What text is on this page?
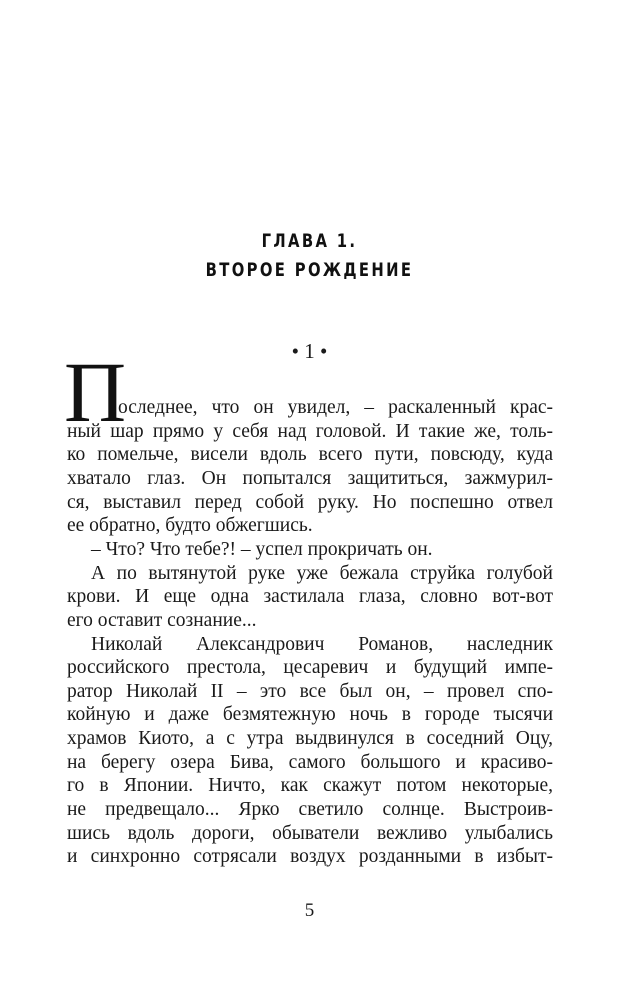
ГЛАВА 1.
ВТОРОЕ РОЖДЕНИЕ
• 1 •
П
оследнее, что он увидел, – раскаленный крас-
ный шар прямо у себя над головой. И такие же, толь-
ко помельче, висели вдоль всего пути, повсюду, куда
хватало глаз. Он попытался защититься, зажмурил-
ся, выставил перед собой руку. Но поспешно отвел
ее обратно, будто обжегшись.
– Что? Что тебе?! – успел прокричать он.
А по вытянутой руке уже бежала струйка голубой
крови. И еще одна застилала глаза, словно вот-вот
его оставит сознание...
Николай Александрович Романов, наследник
российского престола, цесаревич и будущий импе-
ратор Николай II – это все был он, – провел спо-
койную и даже безмятежную ночь в городе тысячи
храмов Киото, а с утра выдвинулся в соседний Оцу,
на берегу озера Бива, самого большого и красиво-
го в Японии. Ничто, как скажут потом некоторые,
не предвещало... Ярко светило солнце. Выстроив-
шись вдоль дороги, обыватели вежливо улыбались
и синхронно сотрясали воздух розданными в избыт-
5
